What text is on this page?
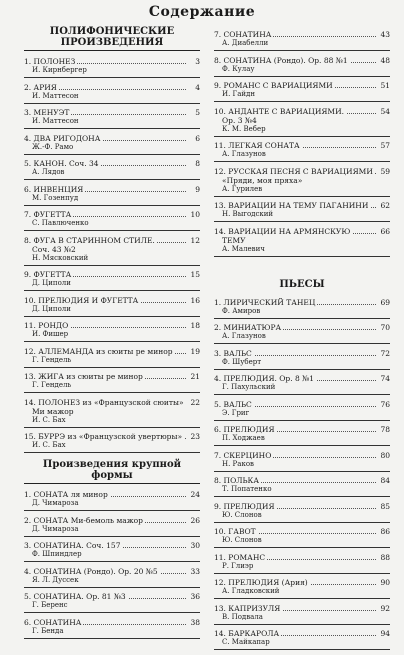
Содержание
ПОЛИФОНИЧЕСКИЕ ПРОИЗВЕДЕНИЯ
1. ПОЛОНЕЗ	3
И. Кирнбергер
2. АРИЯ	4
И. Маттесон
3. МЕНУЭТ	5
И. Маттесон
4. ДВА РИГОДОНА	6
Ж.-Ф. Рамо
5. КАНОН. Соч. 34	8
А. Лядов
6. ИНВЕНЦИЯ	9
М. Гозенпуд
7. ФУГЕТТА	10
С. Павлюченко
8. ФУГА В СТАРИННОМ СТИЛЕ.	12
Соч. 43 №2
Н. Мясковский
9. ФУГЕТТА	15
Д. Циполи
10. ПРЕЛЮДИЯ И ФУГЕТТА	16
Д. Циполи
11. РОНДО	18
И. Фишер
12. АЛЛЕМАНДА из сюиты ре минор 19
Г. Гендель
13. ЖИГА из сюиты ре минор	21
Г. Гендель
14. ПОЛОНЕЗ из «Французской сюиты» 22
Ми мажор
И. С. Бах
15. БУРРЭ из «Французской увертюры» 23
И. С. Бах
Произведения крупной формы
1. СОНАТА ля минор	24
Д. Чимароза
2. СОНАТА Ми-бемоль мажор	26
Д. Чимароза
3. СОНАТИНА. Соч. 157	30
Ф. Шпиндлер
4. СОНАТИНА (Рондо). Op. 20 №5	33
Я. Л. Дуссек
5. СОНАТИНА. Ор. 81 №3	36
Г. Беренс
6. СОНАТИНА	38
Г. Бенда
7. СОНАТИНА	43
А. Диабелли
8. СОНАТИНА (Рондо). Op. 88 №1	48
Ф. Кулау
9. РОМАНС С ВАРИАЦИЯМИ	51
Й. Гайдн
10. АНДАНТЕ С ВАРИАЦИЯМИ.	54
Ор. 3 №4
К. М. Вебер
11. ЛЕГКАЯ СОНАТА	57
А. Глазунов
12. РУССКАЯ ПЕСНЯ С ВАРИАЦИЯМИ 59
«Пряди, моя пряха»
А. Гурилев
13. ВАРИАЦИИ НА ТЕМУ ПАГАНИНИ 62
Н. Выгодский
14. ВАРИАЦИИ НА АРМЯНСКУЮ	66
ТЕМУ
А. Малевич
ПЬЕСЫ
1. ЛИРИЧЕСКИЙ ТАНЕЦ	69
Ф. Амиров
2. МИНИАТЮРА	70
А. Глазунов
3. ВАЛЬС	72
Ф. Шуберт
4. ПРЕЛЮДИЯ. Ор. 8 №1	74
Г. Пахульский
5. ВАЛЬС	76
Э. Григ
6. ПРЕЛЮДИЯ	78
П. Ходжаев
7. СКЕРЦИНО	80
Н. Раков
8. ПОЛЬКА	84
Т. Попатенко
9. ПРЕЛЮДИЯ	85
Ю. Слонов
10. ГАВОТ	86
Ю. Слонов
11. РОМАНС	88
Р. Глиэр
12. ПРЕЛЮДИЯ (Ария)	90
А. Гладковский
13. КАПРИЗУЛЯ	92
В. Подвала
14. БАРКАРОЛА	94
С. Майкапар
